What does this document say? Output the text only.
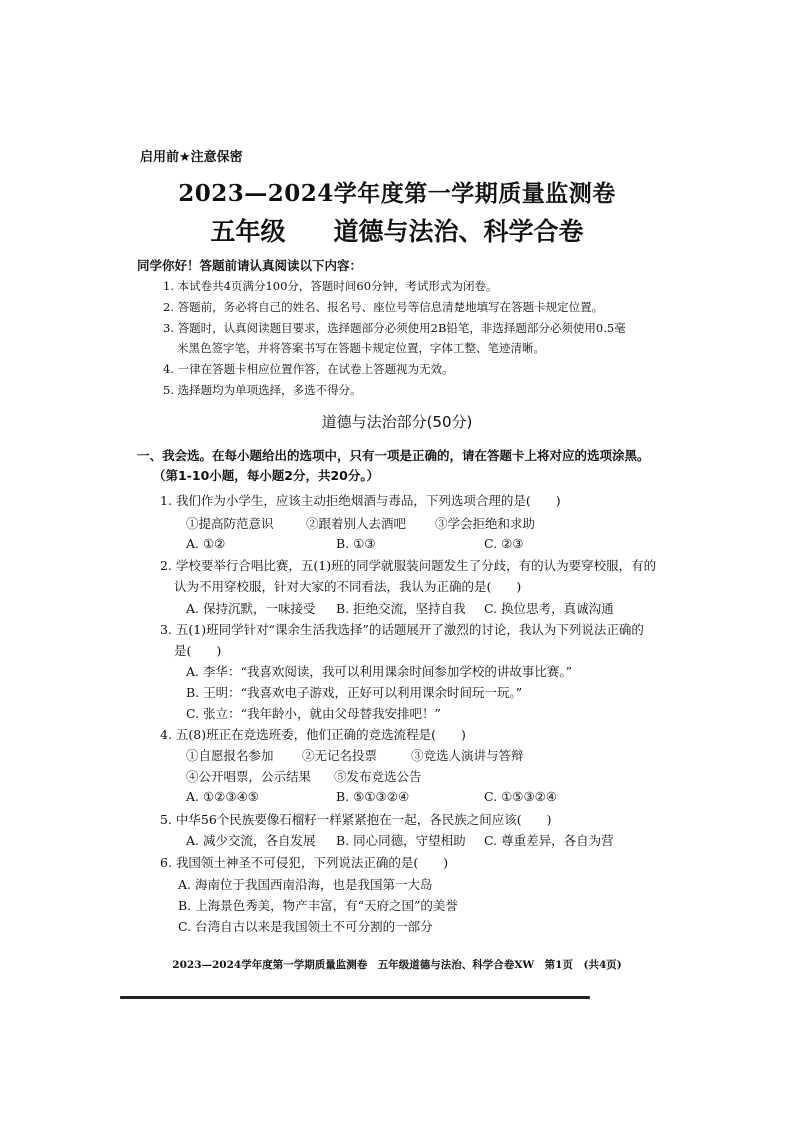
启用前★注意保密
2023—2024学年度第一学期质量监测卷
五年级 道德与法治、科学合卷
同学你好！答题前请认真阅读以下内容：
1. 本试卷共4页满分100分，答题时间60分钟，考试形式为闭卷。
2. 答题前，务必将自己的姓名、报名号、座位号等信息清楚地填写在答题卡规定位置。
3. 答题时，认真阅读题目要求，选择题部分必须使用2B铅笔，非选择题部分必须使用0.5毫
米黑色签字笔，并将答案书写在答题卡规定位置，字体工整、笔迹清晰。
4. 一律在答题卡相应位置作答，在试卷上答题视为无效。
5. 选择题均为单项选择，多选不得分。
道德与法治部分(50分)
一、我会选。在每小题给出的选项中，只有一项是正确的，请在答题卡上将对应的选项涂黑。
（第1-10小题，每小题2分，共20分。）
1. 我们作为小学生，应该主动拒绝烟酒与毒品，下列选项合理的是(　　)
①提高防范意识	②跟着别人去酒吧 ③学会拒绝和求助
A. ①②	B. ①③	C. ②③
2. 学校要举行合唱比赛，五(1)班的同学就服装问题发生了分歧，有的认为要穿校服，有的
认为不用穿校服，针对大家的不同看法，我认为正确的是(　　)
A. 保持沉默，一味接受 B. 拒绝交流，坚持自我 C. 换位思考，真诚沟通
3. 五(1)班同学针对“课余生活我选择”的话题展开了激烈的讨论，我认为下列说法正确的
是(　　)
A. 李华：“我喜欢阅读，我可以利用课余时间参加学校的讲故事比赛。”
B. 王明：“我喜欢电子游戏，正好可以利用课余时间玩一玩。”
C. 张立：“我年龄小，就由父母替我安排吧！”
4. 五(8)班正在竞选班委，他们正确的竞选流程是(　　)
①自愿报名参加 ②无记名投票	③竞选人演讲与答辩
④公开唱票，公示结果 ⑤发布竞选公告
A. ①②③④⑤	B. ⑤①③②④	C. ①⑤③②④
5. 中华56个民族要像石榴籽一样紧紧抱在一起，各民族之间应该(　　)
A. 减少交流，各自发展 B. 同心同德，守望相助 C. 尊重差异，各自为营
6. 我国领土神圣不可侵犯，下列说法正确的是(　　)
A. 海南位于我国西南沿海，也是我国第一大岛
B. 上海景色秀美，物产丰富，有“天府之国”的美誉
C. 台湾自古以来是我国领土不可分割的一部分
2023—2024学年度第一学期质量监测卷　五年级道德与法治、科学合卷XW　第1页　(共4页)
